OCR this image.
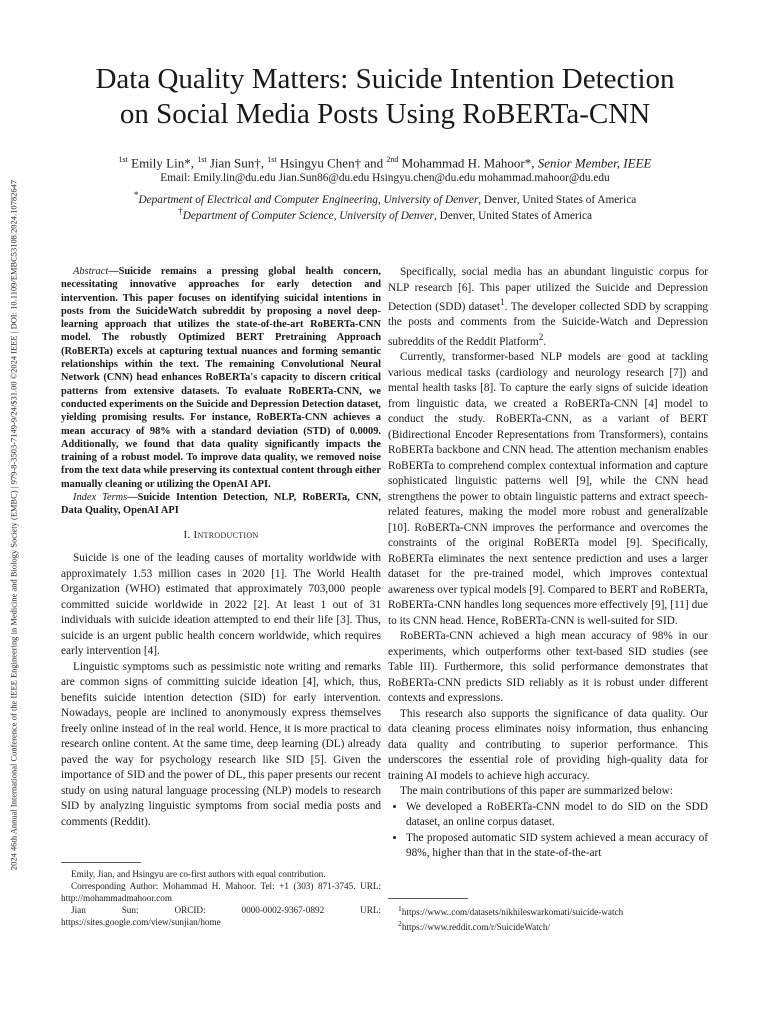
2024 46th Annual International Conference of the IEEE Engineering in Medicine and Biology Society (EMBC) | 979-8-3503-7149-9/24/$31.00 ©2024 IEEE | DOI: 10.1109/EMBC53108.2024.10782647
Data Quality Matters: Suicide Intention Detection
on Social Media Posts Using RoBERTa-CNN
$^{1st}$ Emily Lin*, $^{1st}$ Jian Sun†, $^{1st}$ Hsingyu Chen† and $^{2nd}$ Mohammad H. Mahoor*, Senior Member, IEEE
Email: Emily.lin@du.edu Jian.Sun86@du.edu Hsingyu.chen@du.edu mohammad.mahoor@du.edu
*Department of Electrical and Computer Engineering, University of Denver, Denver, United States of America
†Department of Computer Science, University of Denver, Denver, United States of America

Abstract—Suicide remains a pressing global health concern, necessitating innovative approaches for early detection and intervention. This paper focuses on identifying suicidal intentions in posts from the SuicideWatch subreddit by proposing a novel deep-learning approach that utilizes the state-of-the-art RoBERTa-CNN model. The robustly Optimized BERT Pretraining Approach (RoBERTa) excels at capturing textual nuances and forming semantic relationships within the text. The remaining Convolutional Neural Network (CNN) head enhances RoBERTa's capacity to discern critical patterns from extensive datasets. To evaluate RoBERTa-CNN, we conducted experiments on the Suicide and Depression Detection dataset, yielding promising results. For instance, RoBERTa-CNN achieves a mean accuracy of 98% with a standard deviation (STD) of 0.0009. Additionally, we found that data quality significantly impacts the training of a robust model. To improve data quality, we removed noise from the text data while preserving its contextual content through either manually cleaning or utilizing the OpenAI API.

Index Terms—Suicide Intention Detection, NLP, RoBERTa, CNN, Data Quality, OpenAI API

I. Introduction

Suicide is one of the leading causes of mortality worldwide with approximately 1.53 million cases in 2020 [1]. The World Health Organization (WHO) estimated that approximately 703,000 people committed suicide worldwide in 2022 [2]. At least 1 out of 31 individuals with suicide ideation attempted to end their life [3]. Thus, suicide is an urgent public health concern worldwide, which requires early intervention [4].

Linguistic symptoms such as pessimistic note writing and remarks are common signs of committing suicide ideation [4], which, thus, benefits suicide intention detection (SID) for early intervention. Nowadays, people are inclined to anonymously express themselves freely online instead of in the real world. Hence, it is more practical to research online content. At the same time, deep learning (DL) already paved the way for psychology research like SID [5]. Given the importance of SID and the power of DL, this paper presents our recent study on using natural language processing (NLP) models to research SID by analyzing linguistic symptoms from social media posts and comments (Reddit).

Emily, Jian, and Hsingyu are co-first authors with equal contribution.

Corresponding Author: Mohammad H. Mahoor. Tel: +1 (303) 871-3745. URL: http://mohammadmahoor.com

Jian Sun: ORCID: 0000-0002-9367-0892 URL: https://sites.google.com/view/sunjian/home

Specifically, social media has an abundant linguistic corpus for NLP research [6]. This paper utilized the Suicide and Depression Detection (SDD) dataset$^1$. The developer collected SDD by scrapping the posts and comments from the Suicide-Watch and Depression subreddits of the Reddit Platform$^2$.

Currently, transformer-based NLP models are good at tackling various medical tasks (cardiology and neurology research [7]) and mental health tasks [8]. To capture the early signs of suicide ideation from linguistic data, we created a RoBERTa-CNN [4] model to conduct the study. RoBERTa-CNN, as a variant of BERT (Bidirectional Encoder Representations from Transformers), contains RoBERTa backbone and CNN head. The attention mechanism enables RoBERTa to comprehend complex contextual information and capture sophisticated linguistic patterns well [9], while the CNN head strengthens the power to obtain linguistic patterns and extract speech-related features, making the model more robust and generalizable [10]. RoBERTa-CNN improves the performance and overcomes the constraints of the original RoBERTa model [9]. Specifically, RoBERTa eliminates the next sentence prediction and uses a larger dataset for the pre-trained model, which improves contextual awareness over typical models [9]. Compared to BERT and RoBERTa, RoBERTa-CNN handles long sequences more effectively [9], [11] due to its CNN head. Hence, RoBERTa-CNN is well-suited for SID.

RoBERTa-CNN achieved a high mean accuracy of 98% in our experiments, which outperforms other text-based SID studies (see Table III). Furthermore, this solid performance demonstrates that RoBERTa-CNN predicts SID reliably as it is robust under different contexts and expressions.

This research also supports the significance of data quality. Our data cleaning process eliminates noisy information, thus enhancing data quality and contributing to superior performance. This underscores the essential role of providing high-quality data for training AI models to achieve high accuracy.

The main contributions of this paper are summarized below:

• We developed a RoBERTa-CNN model to do SID on the SDD dataset, an online corpus dataset.
• The proposed automatic SID system achieved a mean accuracy of 98%, higher than that in the state-of-the-art

$^1$https://www..com/datasets/nikhileswarkomati/suicide-watch

$^2$https://www.reddit.com/r/SuicideWatch/
